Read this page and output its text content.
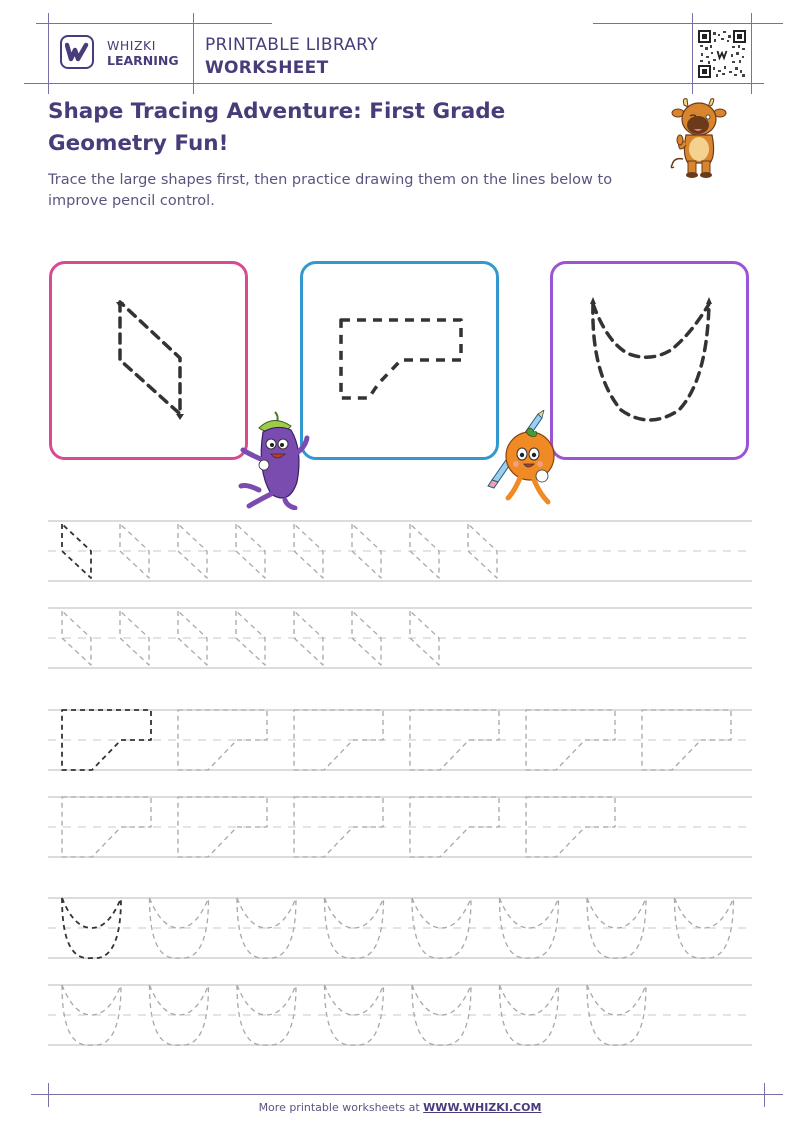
WHIZKI
LEARNING
PRINTABLE LIBRARY
WORKSHEET
Shape Tracing Adventure: First Grade Geometry Fun!
Trace the large shapes first, then practice drawing them on the lines below to improve pencil control.
More printable worksheets at WWW.WHIZKI.COM
